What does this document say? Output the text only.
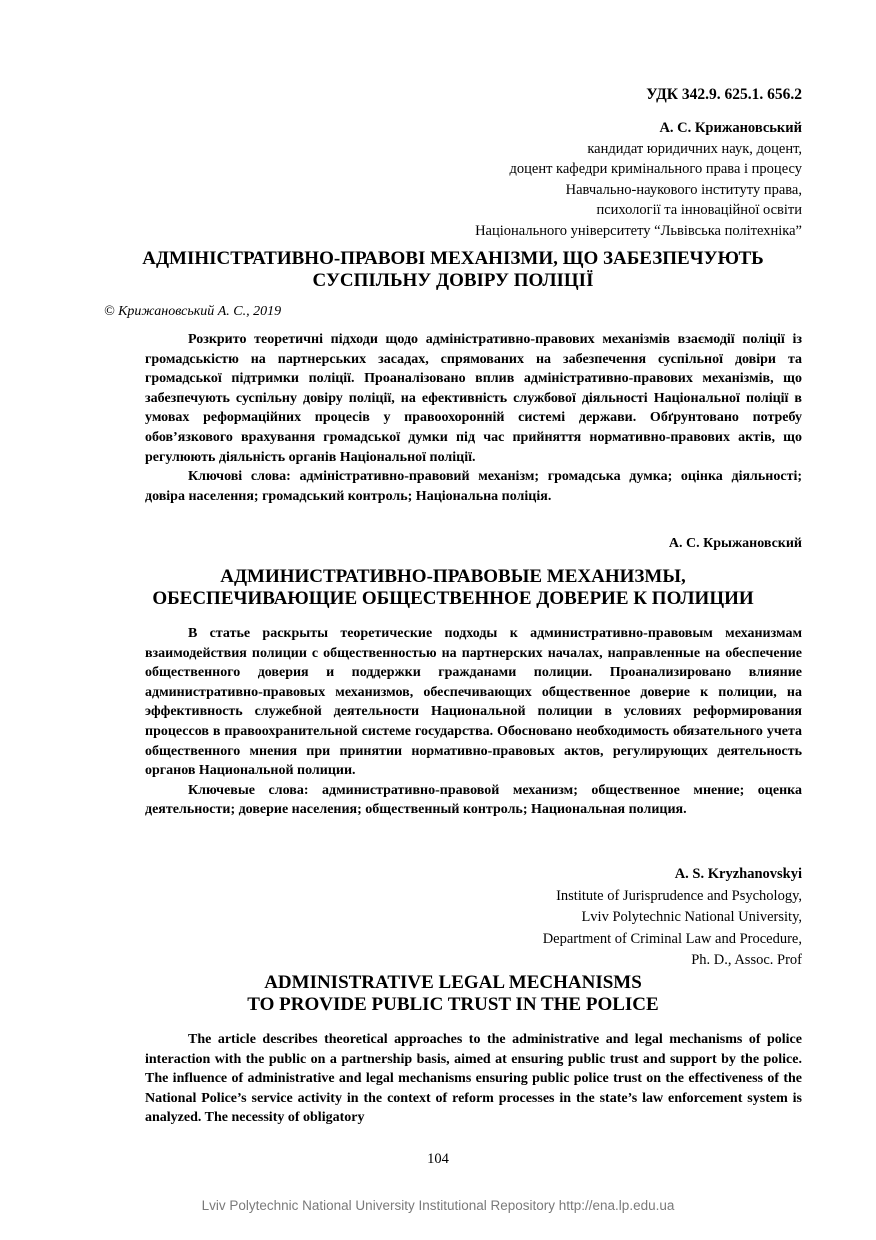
УДК 342.9. 625.1. 656.2
А. С. Крижановський
кандидат юридичних наук, доцент,
доцент кафедри кримінального права і процесу
Навчально-наукового інституту права,
психології та інноваційної освіти
Національного університету “Львівська політехніка”
АДМІНІСТРАТИВНО-ПРАВОВІ МЕХАНІЗМИ, ЩО ЗАБЕЗПЕЧУЮТЬ
СУСПІЛЬНУ ДОВІРУ ПОЛІЦІЇ
© Крижановський А. С., 2019

Розкрито теоретичні підходи щодо адміністративно-правових механізмів взаємодії поліції із громадськістю на партнерських засадах, спрямованих на забезпечення суспільної довіри та громадської підтримки поліції. Проаналізовано вплив адміністративно-правових механізмів, що забезпечують суспільну довіру поліції, на ефективність службової діяльності Національної поліції в умовах реформаційних процесів у правоохоронній системі держави. Обґрунтовано потребу обов’язкового врахування громадської думки під час прийняття нормативно-правових актів, що регулюють діяльність органів Національної поліції.

Ключові слова: адміністративно-правовий механізм; громадська думка; оцінка діяльності; довіра населення; громадський контроль; Національна поліція.

А. С. Крыжановский
АДМИНИСТРАТИВНО-ПРАВОВЫЕ МЕХАНИЗМЫ,
ОБЕСПЕЧИВАЮЩИЕ ОБЩЕСТВЕННОЕ ДОВЕРИЕ К ПОЛИЦИИ

В статье раскрыты теоретические подходы к административно-правовым механизмам взаимодействия полиции с общественностью на партнерских началах, направленные на обеспечение общественного доверия и поддержки гражданами полиции. Проанализировано влияние административно-правовых механизмов, обеспечивающих общественное доверие к полиции, на эффективность служебной деятельности Национальной полиции в условиях реформирования процессов в правоохранительной системе государства. Обосновано необходимость обязательного учета общественного мнения при принятии нормативно-правовых актов, регулирующих деятельность органов Национальной полиции.

Ключевые слова: административно-правовой механизм; общественное мнение; оценка деятельности; доверие населения; общественный контроль; Национальная полиция.

A. S. Kryzhanovskyi
Institute of Jurisprudence and Psychology,
Lviv Polytechnic National University,
Department of Criminal Law and Procedure,
Ph. D., Assoc. Prof
ADMINISTRATIVE LEGAL MECHANISMS
TO PROVIDE PUBLIC TRUST IN THE POLICE

The article describes theoretical approaches to the administrative and legal mechanisms of police interaction with the public on a partnership basis, aimed at ensuring public trust and support by the police. The influence of administrative and legal mechanisms ensuring public police trust on the effectiveness of the National Police’s service activity in the context of reform processes in the state’s law enforcement system is analyzed. The necessity of obligatory

104
Lviv Polytechnic National University Institutional Repository http://ena.lp.edu.ua
